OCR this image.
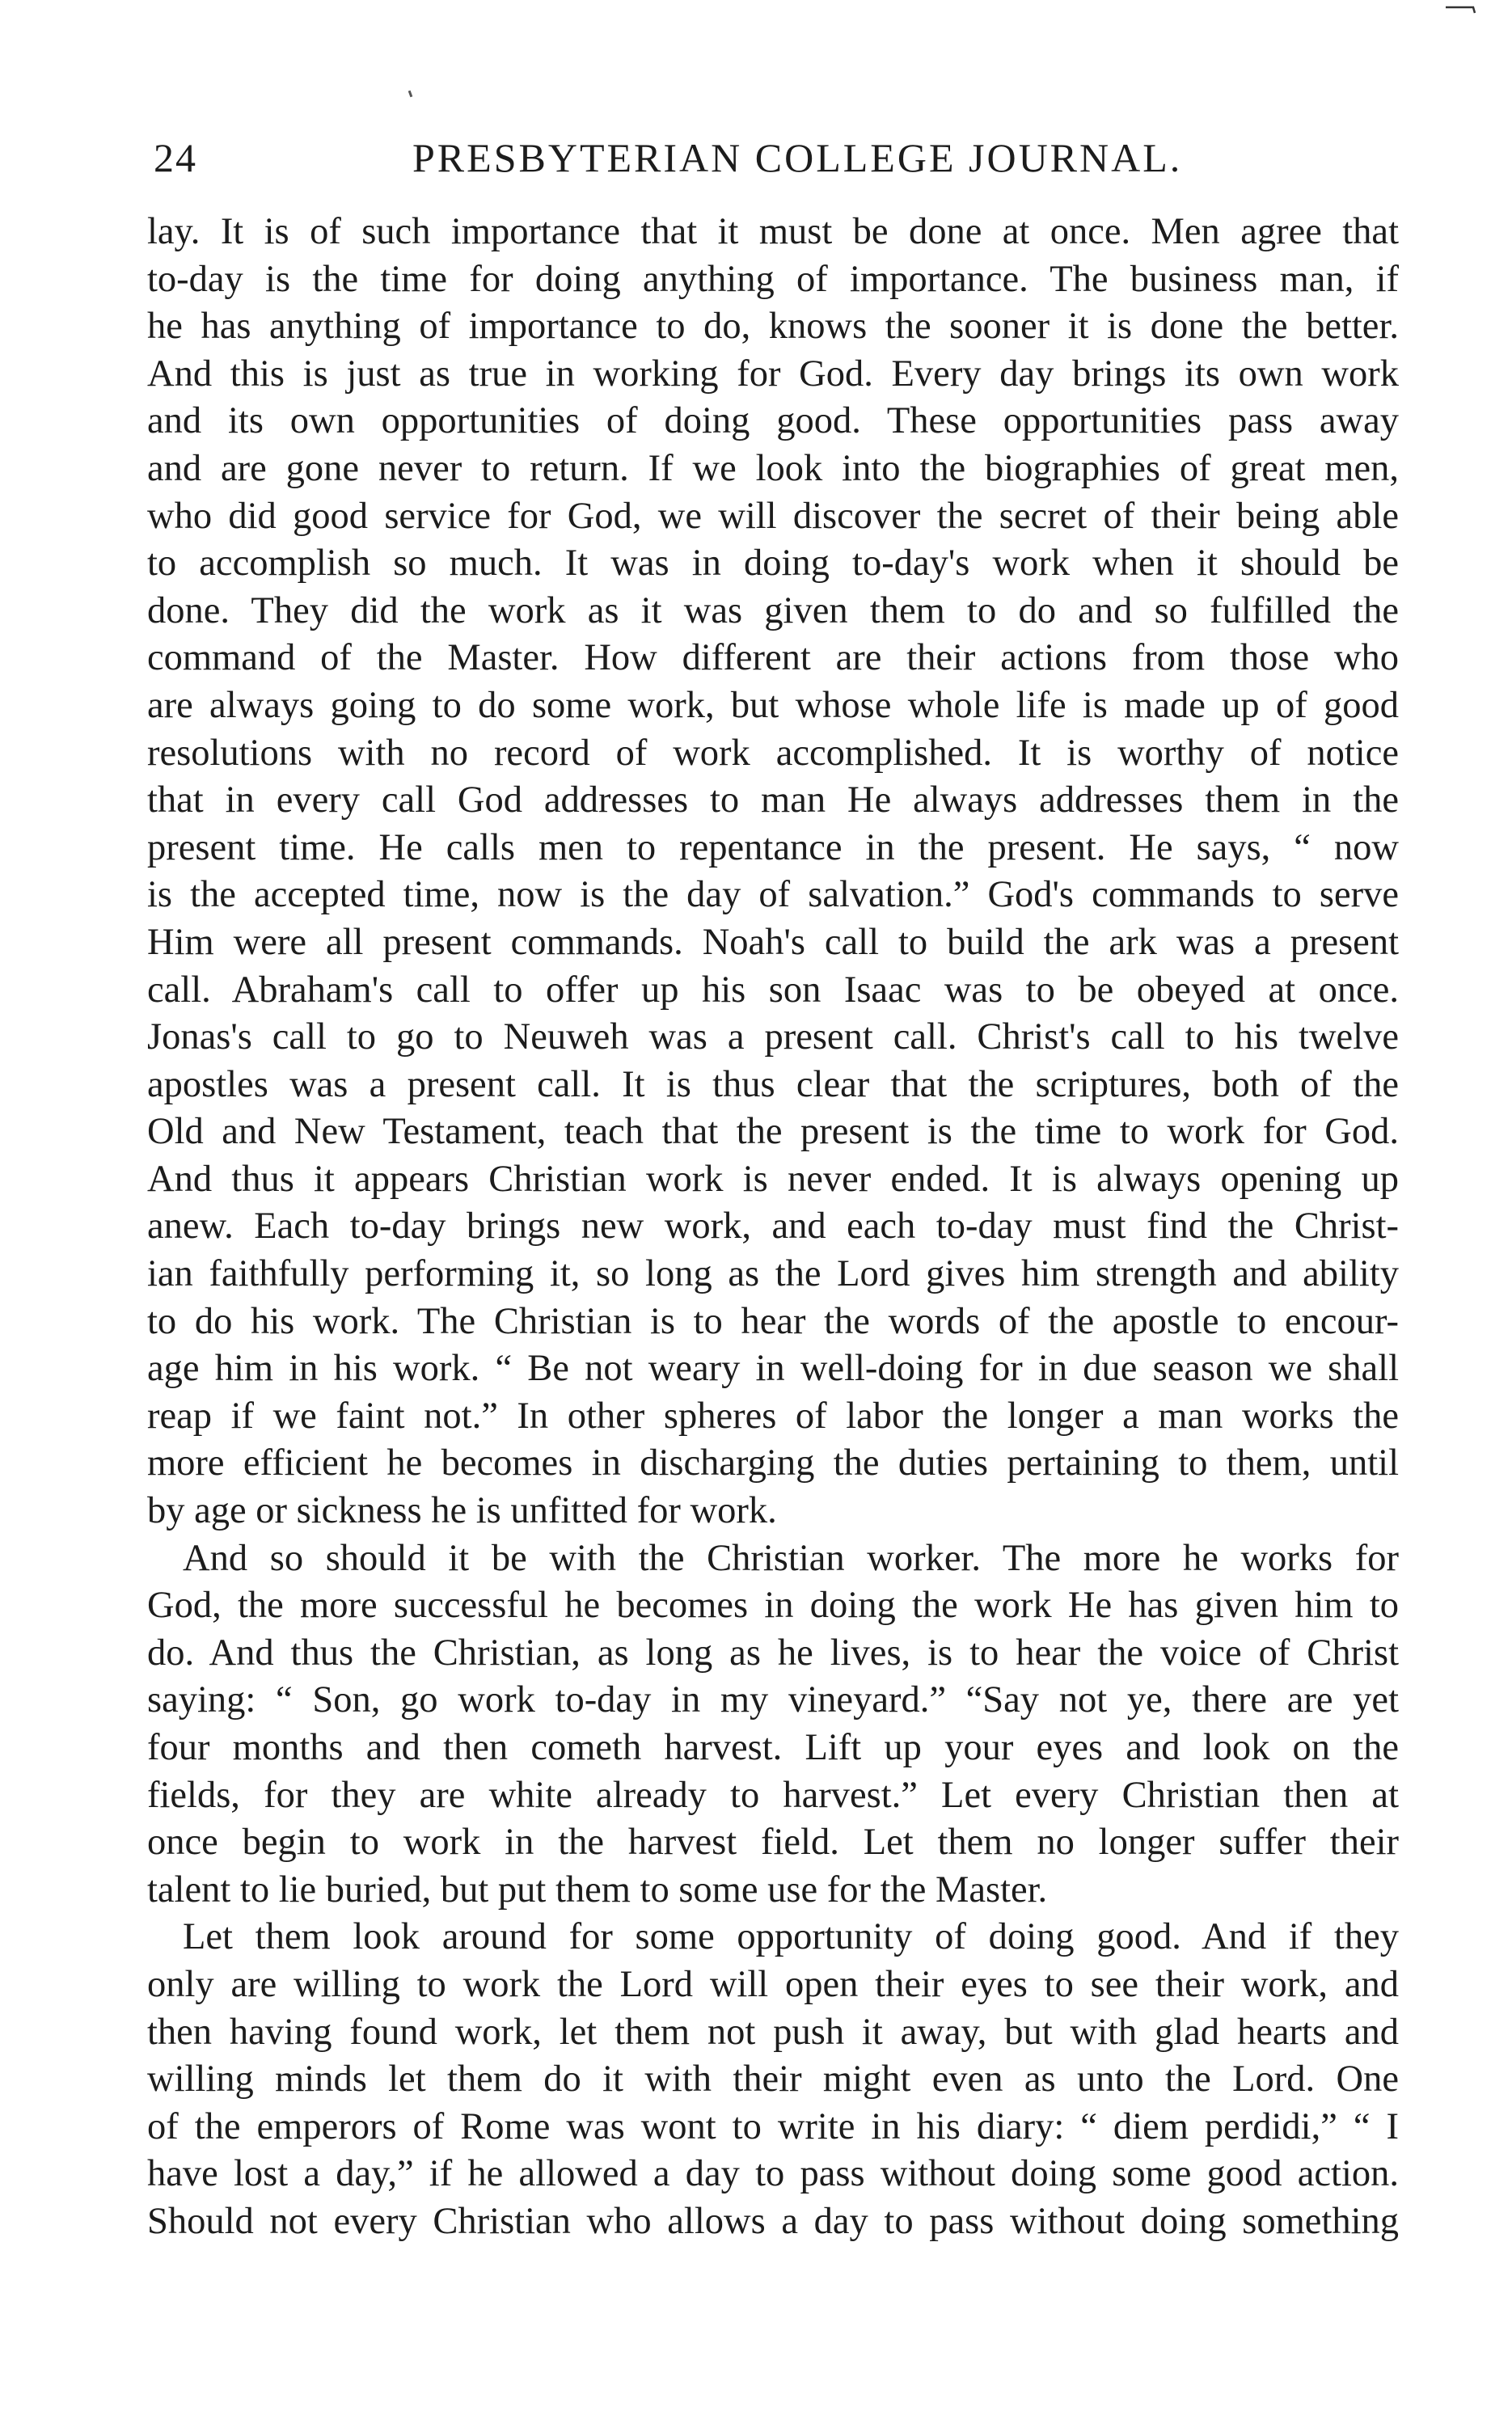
24	PRESBYTERIAN COLLEGE JOURNAL.
lay. It is of such importance that it must be done at once. Men agree that
to-day is the time for doing anything of importance. The business man, if
he has anything of importance to do, knows the sooner it is done the better.
And this is just as true in working for God. Every day brings its own work
and its own opportunities of doing good. These opportunities pass away
and are gone never to return. If we look into the biographies of great men,
who did good service for God, we will discover the secret of their being able
to accomplish so much. It was in doing to-day's work when it should be
done. They did the work as it was given them to do and so fulfilled the
command of the Master. How different are their actions from those who
are always going to do some work, but whose whole life is made up of good
resolutions with no record of work accomplished. It is worthy of notice
that in every call God addresses to man He always addresses them in the
present time. He calls men to repentance in the present. He says, “ now
is the accepted time, now is the day of salvation.” God's commands to serve
Him were all present commands. Noah's call to build the ark was a present
call. Abraham's call to offer up his son Isaac was to be obeyed at once.
Jonas's call to go to Neuweh was a present call. Christ's call to his twelve
apostles was a present call. It is thus clear that the scriptures, both of the
Old and New Testament, teach that the present is the time to work for God.
And thus it appears Christian work is never ended. It is always opening up
anew. Each to-day brings new work, and each to-day must find the Christ-
ian faithfully performing it, so long as the Lord gives him strength and ability
to do his work. The Christian is to hear the words of the apostle to encour-
age him in his work. “ Be not weary in well-doing for in due season we shall
reap if we faint not.” In other spheres of labor the longer a man works the
more efficient he becomes in discharging the duties pertaining to them, until
by age or sickness he is unfitted for work.
And so should it be with the Christian worker. The more he works for
God, the more successful he becomes in doing the work He has given him to
do. And thus the Christian, as long as he lives, is to hear the voice of Christ
saying: “ Son, go work to-day in my vineyard.” “Say not ye, there are yet
four months and then cometh harvest. Lift up your eyes and look on the
fields, for they are white already to harvest.” Let every Christian then at
once begin to work in the harvest field. Let them no longer suffer their
talent to lie buried, but put them to some use for the Master.
Let them look around for some opportunity of doing good. And if they
only are willing to work the Lord will open their eyes to see their work, and
then having found work, let them not push it away, but with glad hearts and
willing minds let them do it with their might even as unto the Lord. One
of the emperors of Rome was wont to write in his diary: “ diem perdidi,” “ I
have lost a day,” if he allowed a day to pass without doing some good action.
Should not every Christian who allows a day to pass without doing something
